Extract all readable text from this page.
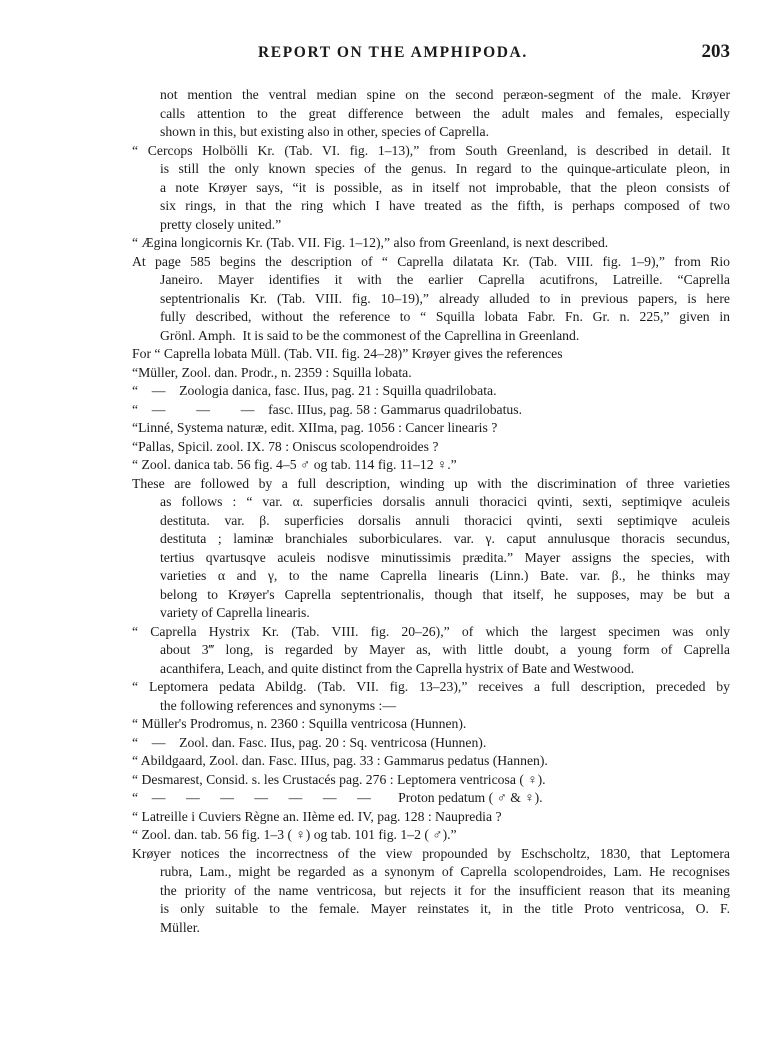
REPORT ON THE AMPHIPODA.	203
not mention the ventral median spine on the second peræon-segment of the male. Krøyer
calls attention to the great difference between the adult males and females, especially
shown in this, but existing also in other, species of Caprella.
“ Cercops Holbölli Kr. (Tab. VI. fig. 1–13),” from South Greenland, is described in detail. It
is still the only known species of the genus. In regard to the quinque-articulate pleon, in
a note Krøyer says, “it is possible, as in itself not improbable, that the pleon consists of
six rings, in that the ring which I have treated as the fifth, is perhaps composed of two
pretty closely united.”
“ Ægina longicornis Kr. (Tab. VII. Fig. 1–12),” also from Greenland, is next described.
At page 585 begins the description of “ Caprella dilatata Kr. (Tab. VIII. fig. 1–9),” from Rio
Janeiro. Mayer identifies it with the earlier Caprella acutifrons, Latreille. “Caprella
septentrionalis Kr. (Tab. VIII. fig. 10–19),” already alluded to in previous papers, is here
fully described, without the reference to “ Squilla lobata Fabr. Fn. Gr. n. 225,” given in
Grönl. Amph.  It is said to be the commonest of the Caprellina in Greenland.
For “ Caprella lobata Müll. (Tab. VII. fig. 24–28)” Krøyer gives the references
“Müller, Zool. dan. Prodr., n. 2359 : Squilla lobata.
“    —    Zoologia danica, fasc. IIus, pag. 21 : Squilla quadrilobata.
“    —         —         —    fasc. IIIus, pag. 58 : Gammarus quadrilobatus.
“Linné, Systema naturæ, edit. XIIma, pag. 1056 : Cancer linearis ?
“Pallas, Spicil. zool. IX. 78 : Oniscus scolopendroides ?
“ Zool. danica tab. 56 fig. 4–5 ♂ og tab. 114 fig. 11–12 ♀.”
These are followed by a full description, winding up with the discrimination of three varieties
as follows : “ var. α. superficies dorsalis annuli thoracici qvinti, sexti, septimiqve aculeis
destituta. var. β. superficies dorsalis annuli thoracici qvinti, sexti septimiqve aculeis
destituta ; laminæ branchiales suborbiculares. var. γ. caput annulusque thoracis secundus,
tertius qvartusqve aculeis nodisve minutissimis prædita.” Mayer assigns the species, with
varieties α and γ, to the name Caprella linearis (Linn.) Bate. var. β., he thinks may
belong to Krøyer's Caprella septentrionalis, though that itself, he supposes, may be but a
variety of Caprella linearis.
“ Caprella Hystrix Kr. (Tab. VIII. fig. 20–26),” of which the largest specimen was only
about 3‴ long, is regarded by Mayer as, with little doubt, a young form of Caprella
acanthifera, Leach, and quite distinct from the Caprella hystrix of Bate and Westwood.
“ Leptomera pedata Abildg. (Tab. VII. fig. 13–23),” receives a full description, preceded by
the following references and synonyms :—
“ Müller's Prodromus, n. 2360 : Squilla ventricosa (Hunnen).
“    —    Zool. dan. Fasc. IIus, pag. 20 : Sq. ventricosa (Hunnen).
“ Abildgaard, Zool. dan. Fasc. IIIus, pag. 33 : Gammarus pedatus (Hannen).
“ Desmarest, Consid. s. les Crustacés pag. 276 : Leptomera ventricosa ( ♀).
“    —      —      —      —      —      —      —        Proton pedatum ( ♂ & ♀).
“ Latreille i Cuviers Règne an. IIème ed. IV, pag. 128 : Naupredia ?
“ Zool. dan. tab. 56 fig. 1–3 ( ♀) og tab. 101 fig. 1–2 ( ♂).”
Krøyer notices the incorrectness of the view propounded by Eschscholtz, 1830, that Leptomera
rubra, Lam., might be regarded as a synonym of Caprella scolopendroides, Lam. He recognises
the priority of the name ventricosa, but rejects it for the insufficient reason that its meaning
is only suitable to the female. Mayer reinstates it, in the title Proto ventricosa, O. F.
Müller.
